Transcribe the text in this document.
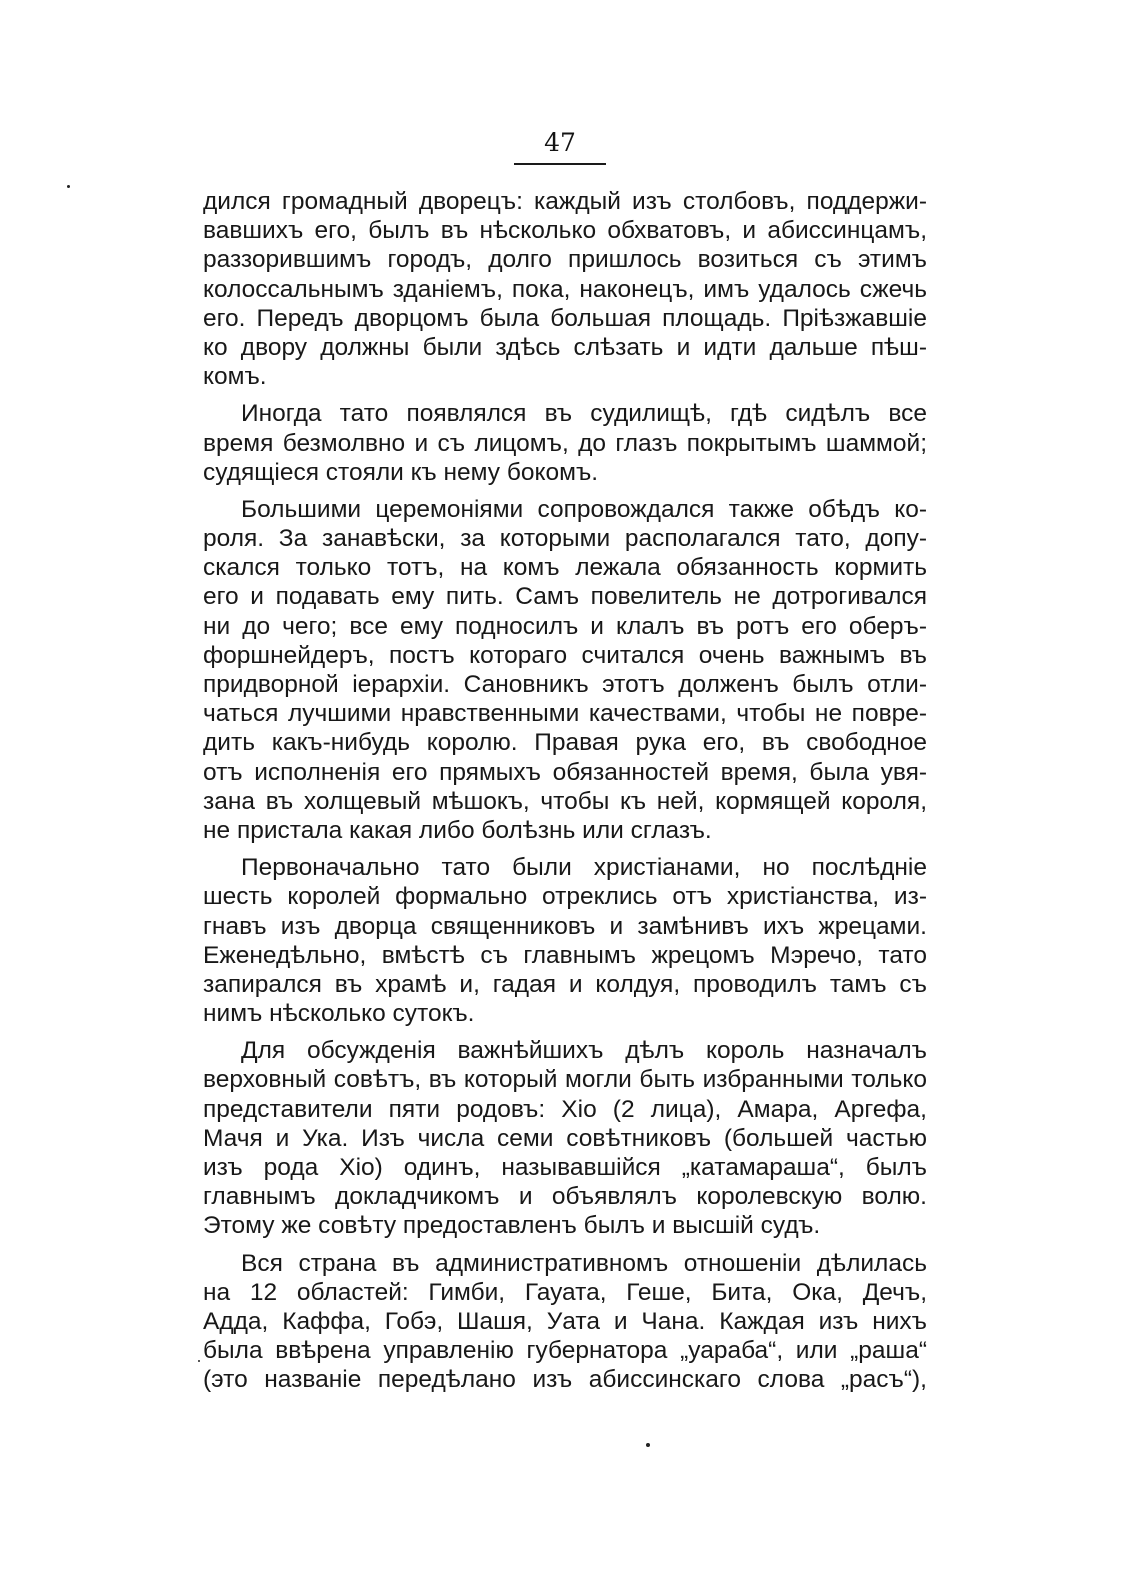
47
дился громадный дворецъ: каждый изъ столбовъ, поддержи-
вавшихъ его, былъ въ нѣсколько обхватовъ, и абиссинцамъ,
раззорившимъ городъ, долго пришлось возиться съ этимъ
колоссальнымъ зданіемъ, пока, наконецъ, имъ удалось сжечь
его. Передъ дворцомъ была большая площадь. Пріѣзжавшіе
ко двору должны были здѣсь слѣзать и идти дальше пѣш-
комъ.
Иногда тато появлялся въ судилищѣ, гдѣ сидѣлъ все
время безмолвно и съ лицомъ, до глазъ покрытымъ шаммой;
судящіеся стояли къ нему бокомъ.
Большими церемоніями сопровождался также обѣдъ ко-
роля. За занавѣски, за которыми располагался тато, допу-
скался только тотъ, на комъ лежала обязанность кормить
его и подавать ему пить. Самъ повелитель не дотрогивался
ни до чего; все ему подносилъ и клалъ въ ротъ его оберъ-
форшнейдеръ, постъ котораго считался очень важнымъ въ
придворной іерархіи. Сановникъ этотъ долженъ былъ отли-
чаться лучшими нравственными качествами, чтобы не повре-
дить какъ-нибудь королю. Правая рука его, въ свободное
отъ исполненія его прямыхъ обязанностей время, была увя-
зана въ холщевый мѣшокъ, чтобы къ ней, кормящей короля,
не пристала какая либо болѣзнь или сглазъ.
Первоначально тато были христіанами, но послѣдніе
шесть королей формально отреклись отъ христіанства, из-
гнавъ изъ дворца священниковъ и замѣнивъ ихъ жрецами.
Еженедѣльно, вмѣстѣ съ главнымъ жрецомъ Мэречо, тато
запирался въ храмѣ и, гадая и колдуя, проводилъ тамъ съ
нимъ нѣсколько сутокъ.
Для обсужденія важнѣйшихъ дѣлъ король назначалъ
верховный совѣтъ, въ который могли быть избранными только
представители пяти родовъ: Хіо (2 лица), Амара, Аргефа,
Мачя и Ука. Изъ числа семи совѣтниковъ (большей частью
изъ рода Хіо) одинъ, называвшійся „катамараша“, былъ
главнымъ докладчикомъ и объявлялъ королевскую волю.
Этому же совѣту предоставленъ былъ и высшій судъ.
Вся страна въ административномъ отношеніи дѣлилась
на 12 областей: Гимби, Гауата, Геше, Бита, Ока, Дечъ,
Адда, Каффа, Гобэ, Шашя, Уата и Чана. Каждая изъ нихъ
была ввѣрена управленію губернатора „уараба“, или „раша“
(это названіе передѣлано изъ абиссинскаго слова „расъ“),
